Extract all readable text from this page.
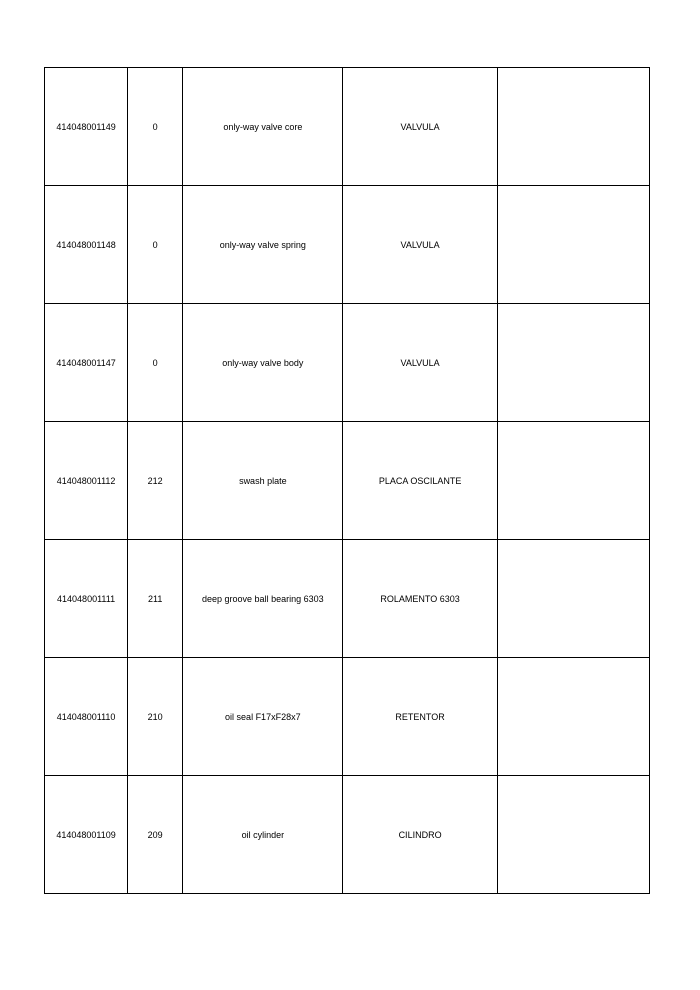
414048001149	0	only-way valve core	VALVULA	
414048001148	0	only-way valve spring	VALVULA	
414048001147	0	only-way valve body	VALVULA	
414048001112	212	swash plate	PLACA OSCILANTE	
414048001111	211	deep groove ball bearing 6303	ROLAMENTO 6303	
414048001110	210	oil seal F17xF28x7	RETENTOR	
414048001109	209	oil cylinder	CILINDRO	
